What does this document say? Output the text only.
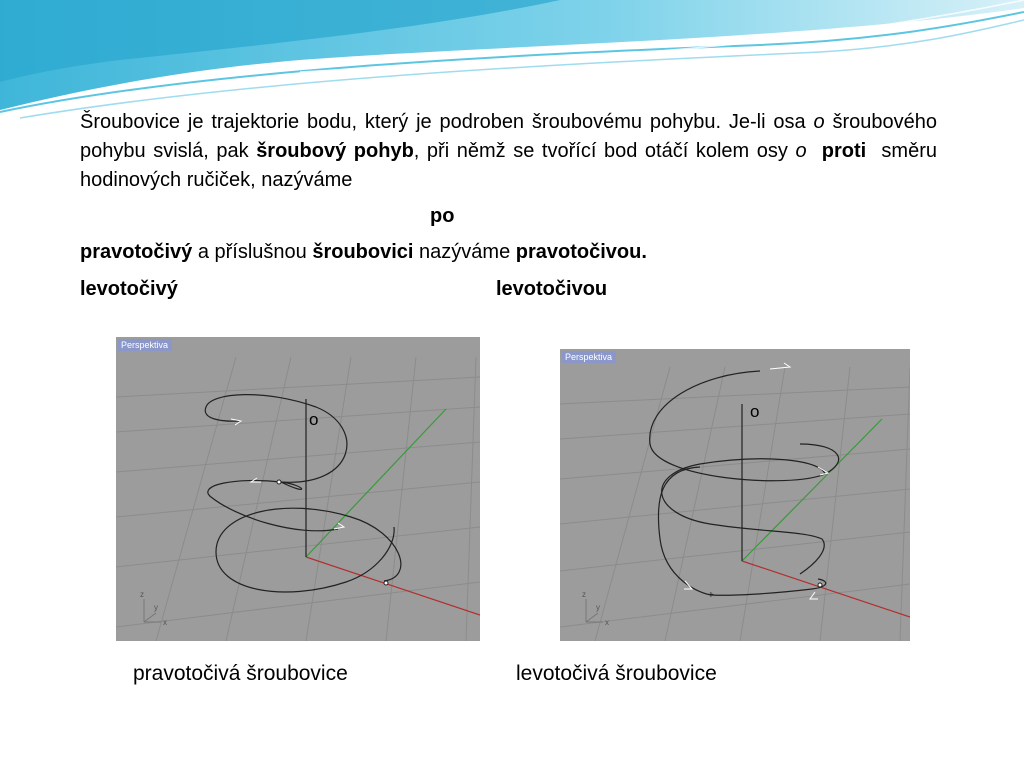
Šroubovice je trajektorie bodu, který je podroben šroubovému pohybu. Je-li osa o šroubového pohybu svislá, pak šroubový pohyb, při němž se tvořící bod otáčí kolem osy o proti  směru hodinových ručiček, nazýváme

po

pravotočivý a příslušnou šroubovici nazýváme pravotočivou.

levotočivý	levotočivou
o
z
y
x
Perspektiva
o
+
z
y
x
Perspektiva
pravotočivá šroubovice	levotočivá šroubovice
